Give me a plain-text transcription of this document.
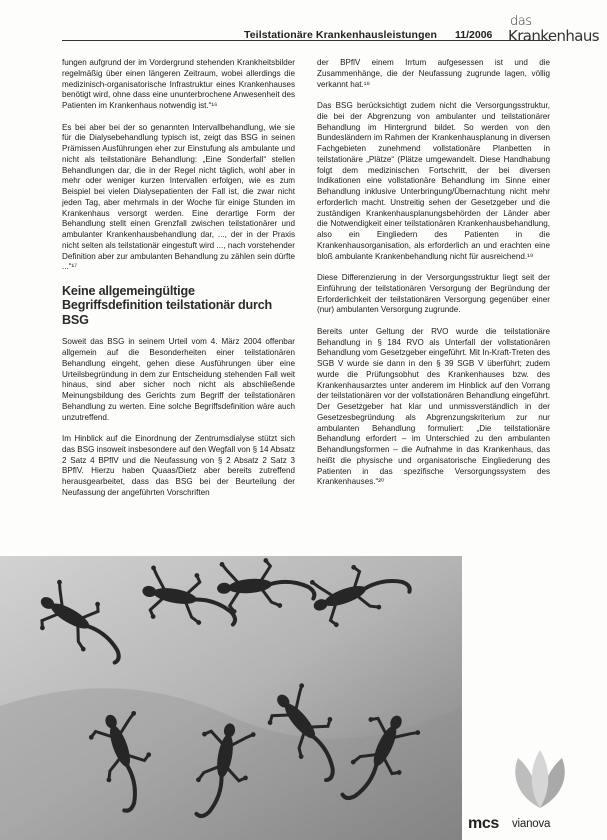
Teilstationäre Krankenhausleistungen 11/2006
das
Krankenhaus

fungen aufgrund der im Vordergrund stehenden Krankheitsbilder regelmäßig über einen längeren Zeitraum, wobei allerdings die medizinisch-organisatorische Infrastruktur eines Krankenhauses benötigt wird, ohne dass eine ununterbrochene Anwesenheit des Patienten im Krankenhaus notwendig ist.“¹⁶

Es bei aber bei der so genannten Intervallbehandlung, wie sie für die Dialysebehandlung typisch ist, zeigt das BSG in seinen Prämissen Ausführungen eher zur Einstufung als ambulante und nicht als teilstationäre Behandlung: „Eine Sonderfall“ stellen Behandlungen dar, die in der Regel nicht täglich, wohl aber in mehr oder weniger kurzen Intervallen erfolgen, wie es zum Beispiel bei vielen Dialysepatienten der Fall ist, die zwar nicht jeden Tag, aber mehrmals in der Woche für einige Stunden im Krankenhaus versorgt werden. Eine derartige Form der Behandlung stellt einen Grenzfall zwischen teilstationärer und ambulanter Krankenhausbehandlung dar, ..., der in der Praxis nicht selten als teilstationär eingestuft wird ..., nach vorstehender Definition aber zur ambulanten Behandlung zu zählen sein dürfte ...“¹⁷

Keine allgemeingültige Begriffsdefinition teilstationär durch BSG

Soweit das BSG in seinem Urteil vom 4. März 2004 offenbar allgemein auf die Besonderheiten einer teilstationären Behandlung eingeht, gehen diese Ausführungen über eine Urteilsbegründung in dem zur Entscheidung stehenden Fall weit hinaus, sind aber sicher noch nicht als abschließende Meinungsbildung des Gerichts zum Begriff der teilstationären Behandlung zu werten. Eine solche Begriffsdefinition wäre auch unzutreffend.

Im Hinblick auf die Einordnung der Zentrumsdialyse stützt sich das BSG insoweit insbesondere auf den Wegfall von § 14 Absatz 2 Satz 4 BPflV und die Neufassung von § 2 Absatz 2 Satz 3 BPflV. Hierzu haben Quaas/Dietz aber bereits zutreffend herausgearbeitet, dass das BSG bei der Beurteilung der Neufassung der angeführten Vorschriften

der BPflV einem Irrtum aufgesessen ist und die Zusammenhänge, die der Neufassung zugrunde lagen, völlig verkannt hat.¹⁸

Das BSG berücksichtigt zudem nicht die Versorgungsstruktur, die bei der Abgrenzung von ambulanter und teilstationärer Behandlung im Hintergrund bildet. So werden von den Bundesländern im Rahmen der Krankenhausplanung in diversen Fachgebieten zunehmend vollstationäre Planbetten in teilstationäre „Plätze“ (Plätze umgewandelt. Diese Handhabung folgt dem medizinischen Fortschritt, der bei diversen Indikationen eine vollstationäre Behandlung im Sinne einer Behandlung inklusive Unterbringung/Übernachtung nicht mehr erforderlich macht. Unstreitig sehen der Gesetzgeber und die zuständigen Krankenhausplanungsbehörden der Länder aber die Notwendigkeit einer teilstationären Krankenhausbehandlung, also ein Eingliedern des Patienten in die Krankenhausorganisation, als erforderlich an und erachten eine bloß ambulante Krankenbehandlung nicht für ausreichend.¹⁹

Diese Differenzierung in der Versorgungsstruktur liegt seit der Einführung der teilstationären Versorgung der Begründung der Erforderlichkeit der teilstationären Versorgung gegenüber einer (nur) ambulanten Versorgung zugrunde.

Bereits unter Geltung der RVO wurde die teilstationäre Behandlung in § 184 RVO als Unterfall der vollstationären Behandlung vom Gesetzgeber eingeführt. Mit In-Kraft-Treten des SGB V wurde sie dann in den § 39 SGB V überführt; zudem wurde die Prüfungsobhut des Krankenhauses bzw. des Krankenhausarztes unter anderem im Hinblick auf den Vorrang der teilstationären vor der vollstationären Behandlung eingeführt. Der Gesetzgeber hat klar und unmissverständlich in der Gesetzesbegründung als Abgrenzungskriterium zur nur ambulanten Behandlung formuliert: „Die teilstationäre Behandlung erfordert – im Unterschied zu den ambulanten Behandlungsformen – die Aufnahme in das Krankenhaus, das heißt die physische und organisatorische Eingliederung des Patienten in das spezifische Versorgungssystem des Krankenhauses.“²⁰

mcs vianova
